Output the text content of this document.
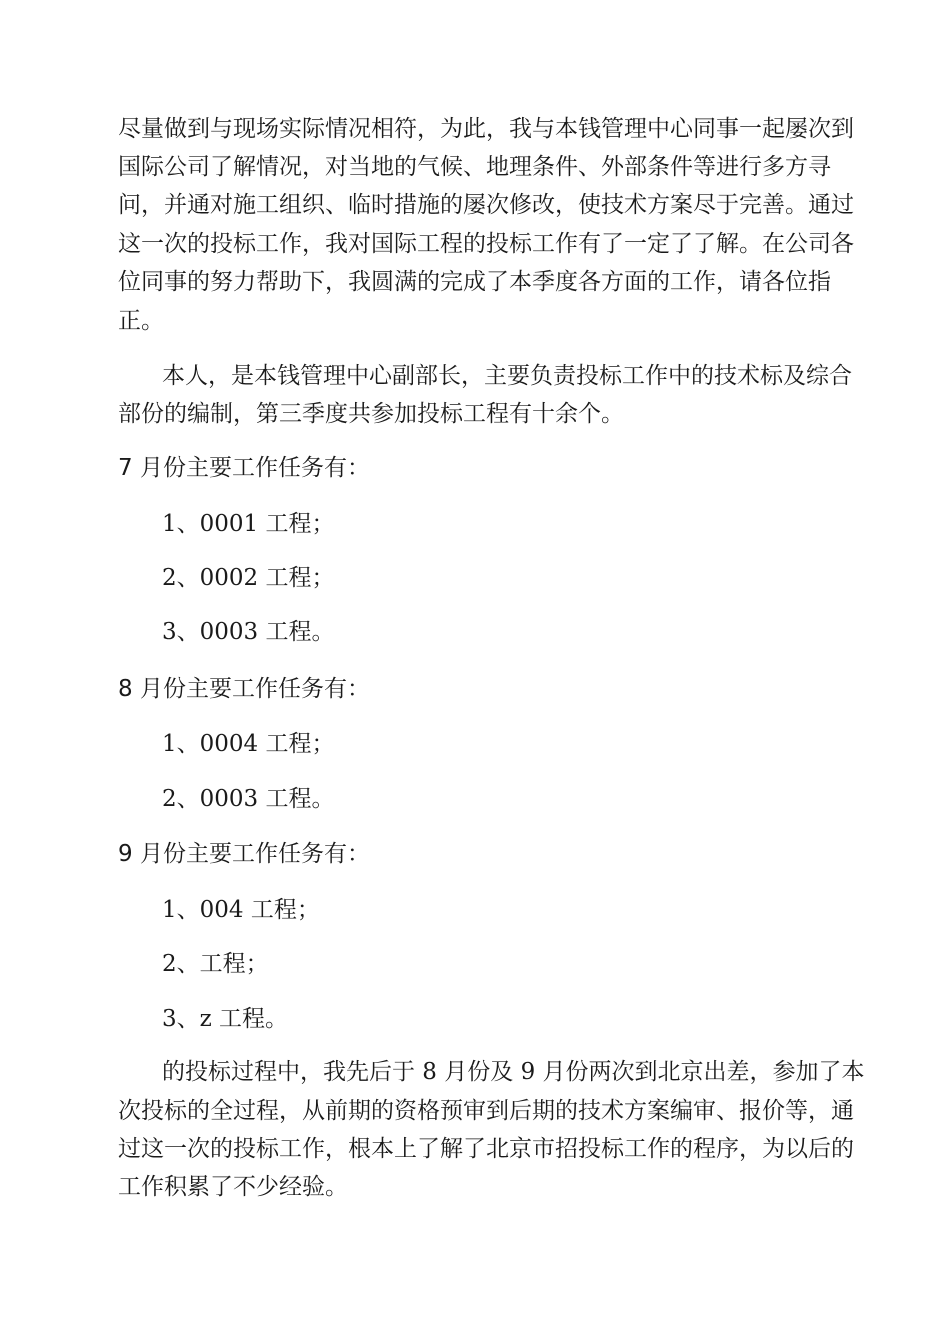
尽量做到与现场实际情况相符，为此，我与本钱管理中心同事一起屡次到
国际公司了解情况，对当地的气候、地理条件、外部条件等进行多方寻
问，并通对施工组织、临时措施的屡次修改，使技术方案尽于完善。通过
这一次的投标工作，我对国际工程的投标工作有了一定了了解。在公司各
位同事的努力帮助下，我圆满的完成了本季度各方面的工作，请各位指
正。
本人，是本钱管理中心副部长，主要负责投标工作中的技术标及综合
部份的编制，第三季度共参加投标工程有十余个。
7 月份主要工作任务有：
1、0001 工程；
2、0002 工程；
3、0003 工程。
8 月份主要工作任务有：
1、0004 工程；
2、0003 工程。
9 月份主要工作任务有：
1、004 工程；
2、工程；
3、z 工程。
的投标过程中，我先后于 8 月份及 9 月份两次到北京出差，参加了本
次投标的全过程，从前期的资格预审到后期的技术方案编审、报价等，通
过这一次的投标工作，根本上了解了北京市招投标工作的程序，为以后的
工作积累了不少经验。
